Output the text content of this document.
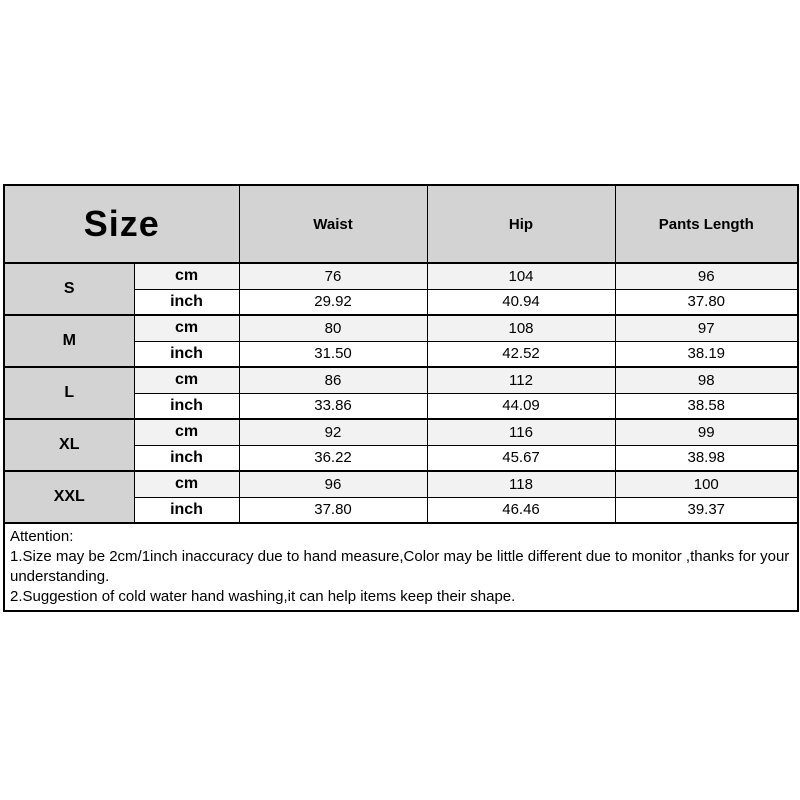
Size		Waist	Hip	Pants Length
S	cm	76	104	96
	inch	29.92	40.94	37.80
M	cm	80	108	97
	inch	31.50	42.52	38.19
L	cm	86	112	98
	inch	33.86	44.09	38.58
XL	cm	92	116	99
	inch	36.22	45.67	38.98
XXL	cm	96	118	100
	inch	37.80	46.46	39.37

Attention:
1.Size may be 2cm/1inch inaccuracy due to hand measure,Color may be little different due to monitor ,thanks for your understanding.
2.Suggestion of cold water hand washing,it can help items keep their shape.				
